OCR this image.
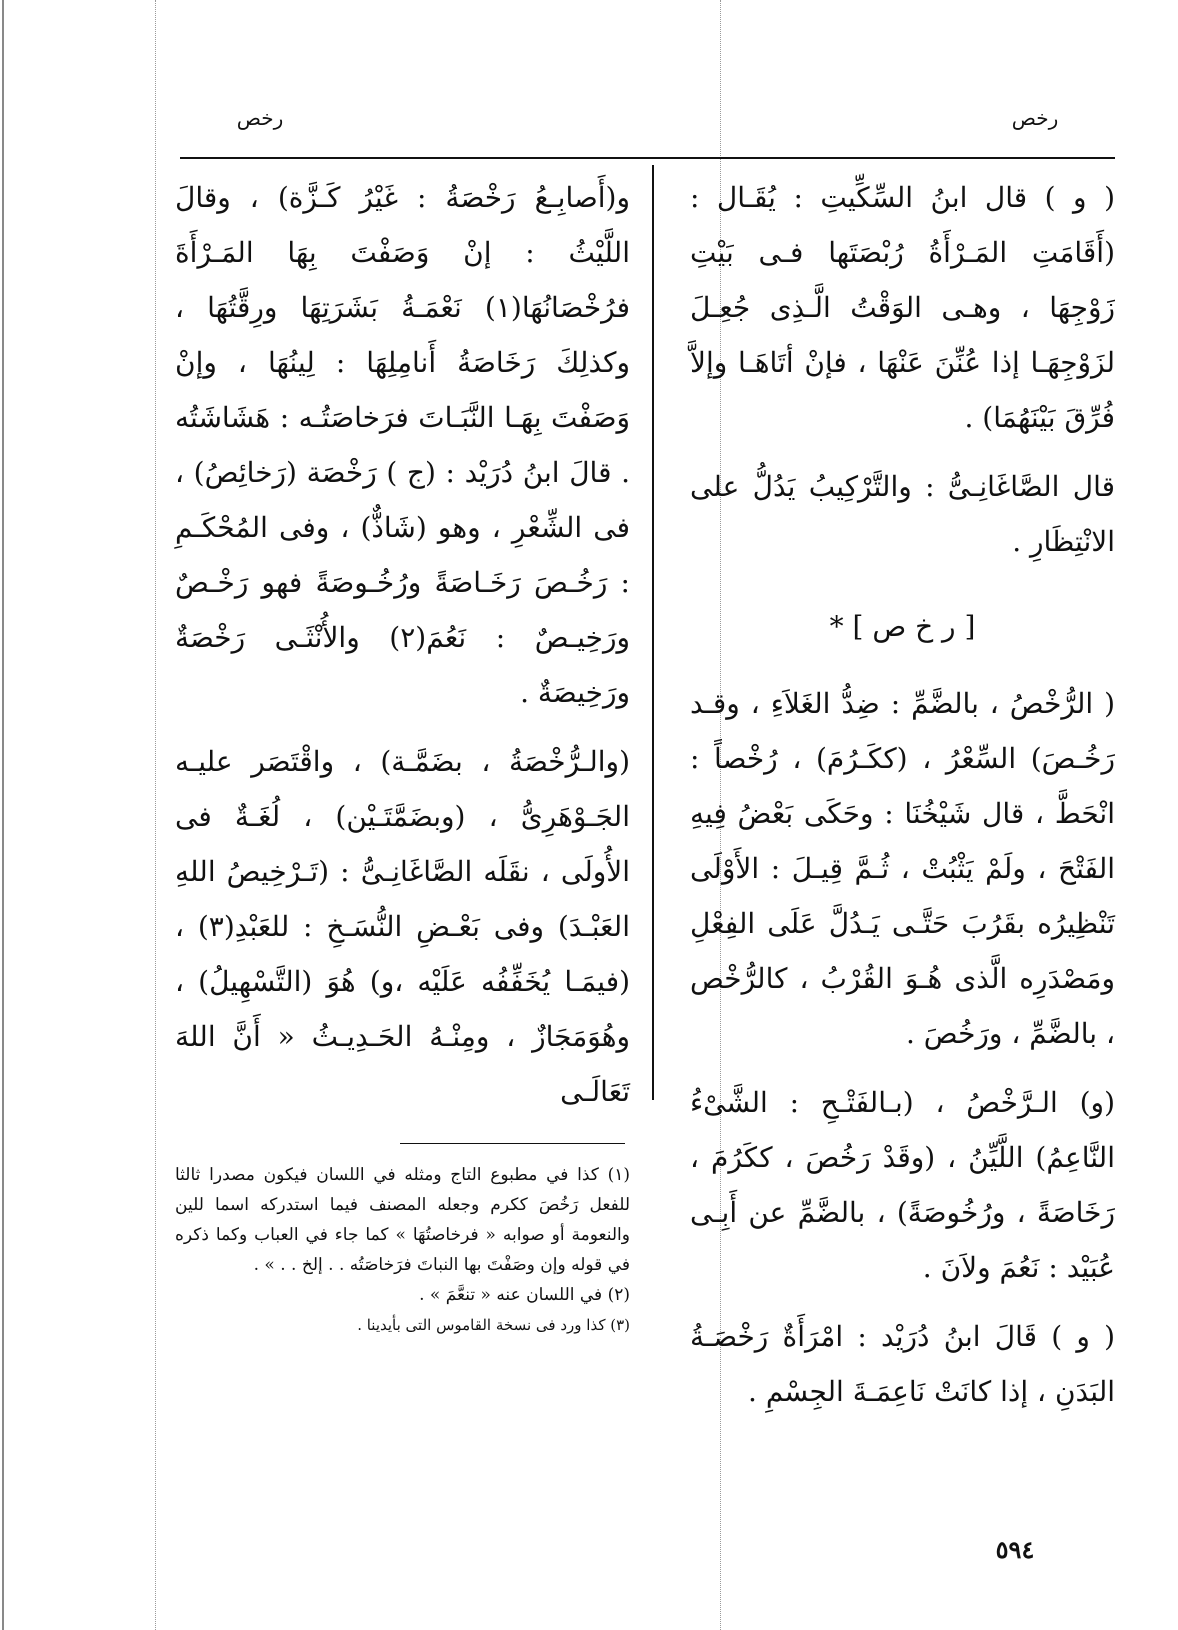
رخص
رخص

( و ) قال ابنُ السِّكِّيتِ : يُقَـال : (أَقَامَتِ المَـرْأَةُ رُبْصَتَها فـى بَيْتِ زَوْجِهَا ، وهـى الوَقْتُ الَّـذِى جُعِـلَ لزَوْجِهَـا إذا عُنِّنَ عَنْهَا ، فإنْ أتَاهَـا وإلاَّ فُرِّقَ بَيْنَهُمَا) .

قال الصَّاغَانِـىُّ : والتَّرْكِيبُ يَدُلُّ على الانْتِظَارِ .

[ ر خ ص ] *

( الرُّخْصُ ، بالضَّمِّ : ضِدُّ الغَلاَءِ ، وقـد رَخُـصَ) السِّعْرُ ، (ككَـرُمَ) ، رُخْصاً : انْحَطَّ ، قال شَيْخُنَا : وحَكَى بَعْضُ فِيهِ الفَتْحَ ، ولَمْ يَثْبُتْ ، ثُـمَّ قِيـلَ : الأَوْلَى تَنْظِيرُه بقَرُبَ حَتَّـى يَـدُلَّ عَلَى الفِعْلِ ومَصْدَرِه الَّذى هُـوَ القُرْبُ ، كالرُّخْص ، بالضَّمِّ ، ورَخُصَ .

(و) الـرَّخْصُ ، (بـالفَتْـحِ : الشَّىْءُ النَّاعِمُ) اللَّيِّنُ ، (وقَدْ رَخُصَ ، ككَرُمَ ، رَخَاصَةً ، ورُخُوصَةً) ، بالضَّمِّ عن أَبِـى عُبَيْد : نَعُمَ ولاَنَ .

( و ) قَالَ ابنُ دُرَيْد : امْرَأَةٌ رَخْصَـةُ البَدَنِ ، إذا كانَتْ نَاعِمَـةَ الجِسْمِ .

و(أَصابِـعُ رَخْصَةُ : غَيْرُ كَـزَّة) ، وقالَ اللَّيْثُ : إنْ وَصَفْتَ بِهَا المَـرْأَةَ فرُخْصَانُهَا(١) نَعْمَـةُ بَشَرَتِهَا ورِقَّتُهَا ، وكذلِكَ رَخَاصَةُ أَنامِلِهَا : لِينُهَا ، وإنْ وَصَفْتَ بِهَـا النَّبَـاتَ فرَخاصَتُـه : هَشَاشَتُه . قالَ ابنُ دُرَيْد : (ج ) رَخْصَة (رَخائِصُ) ، فى الشِّعْرِ ، وهو (شَاذٌّ) ، وفى المُحْكَـمِ : رَخُـصَ رَخَـاصَةً ورُخُـوصَةً فهو رَخْـصٌ ورَخِيـصٌ : نَعُمَ(٢) والأُنْثَـى رَخْصَةٌ ورَخِيصَةٌ .

(والـرُّخْصَةُ ، بضَمَّـة) ، واقْتَصَر عليـه الجَـوْهَرِىُّ ، (وبضَمَّتَـيْن) ، لُغَـةٌ فى الأُولَى ، نقَلَه الصَّاغَانِـىُّ : (تَـرْخِيصُ اللهِ العَبْـدَ) وفى بَعْـضِ النُّسَـخِ : للعَبْدِ(٣) ، (فيمَـا يُخَفِّفُه عَلَيْه ،و) هُوَ (التَّسْهِيلُ) ، وهُوَمَجَازٌ ، ومِنْـهُ الحَـدِيـثُ « أَنَّ اللهَ تَعَالَـى

(١) كذا في مطبوع التاج ومثله في اللسان فيكون مصدرا ثالثا للفعل رَخُصَ ككرم وجعله المصنف فيما استدركه اسما للين والنعومة أو صوابه « فرخاصتُهَا » كما جاء في العباب وكما ذكره في قوله وإن وصَفْتَ بها النباتَ فرَخاصَتُه . . إلخ . . » .

(٢) في اللسان عنه « تنعَّمَ » .

(٣) كذا ورد فى نسخة القاموس التى بأيدينا .

٥٩٤
